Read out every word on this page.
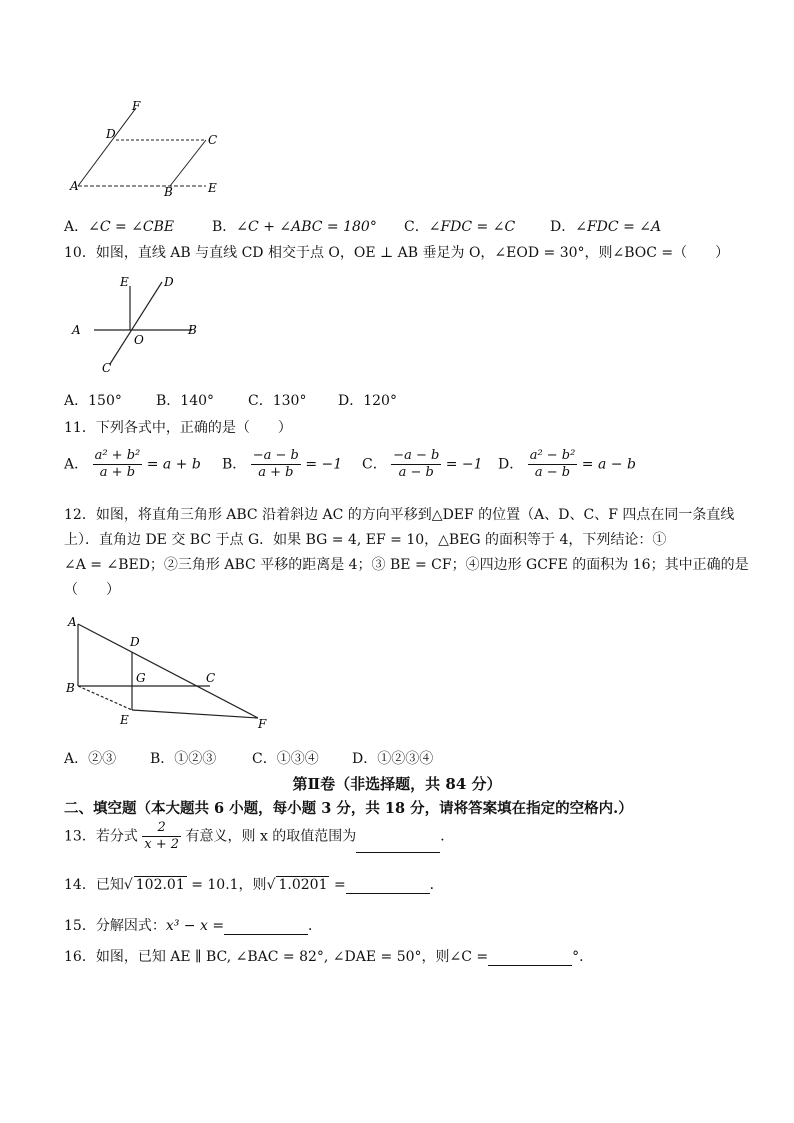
F
D	C
A	B	E
A．∠C = ∠CBE	B．∠C + ∠ABC = 180° C．∠FDC = ∠C D．∠FDC = ∠A
10．如图，直线 AB 与直线 CD 相交于点 O，OE ⊥ AB 垂足为 O，∠EOD = 30°，则∠BOC =（　　）
E	D
A
O
B
C
A．150° B．140° C．130° D．120°
11．下列各式中，正确的是（　　）
A． $\frac{\text{a² + b²}}{a + b} = a + b$ B． $\frac{-a - b}{a + b} = -1$ C． $\frac{-a - b}{a - b} = -1$ D． $\frac{\text{a² − b²}}{a - b} = a - b$
12．如图，将直角三角形 ABC 沿着斜边 AC 的方向平移到△DEF 的位置（A、D、C、F 四点在同一条直线
上）．直角边 DE 交 BC 于点 G．如果 BG = 4, EF = 10，△BEG 的面积等于 4，下列结论：①
∠A = ∠BED；②三角形 ABC 平移的距离是 4；③ BE = CF；④四边形 GCFE 的面积为 16；其中正确的是
（　　）
A
D
B
G	C
E	F
A．②③ B．①②③	C．①③④ D．①②③④
第Ⅱ卷（非选择题，共 84 分）
二、填空题（本大题共 6 小题，每小题 3 分，共 18 分，请将答案填在指定的空格内.）
13．若分式 $\frac{2}{x + 2}$ 有意义，则 x 的取值范围为	．
14．已知√ 102.01 = 10.1，则√ 1.0201 =	．
15．分解因式：x³ − x =	．
16．如图，已知 AE ∥ BC, ∠BAC = 82°, ∠DAE = 50°，则∠C =	°．
